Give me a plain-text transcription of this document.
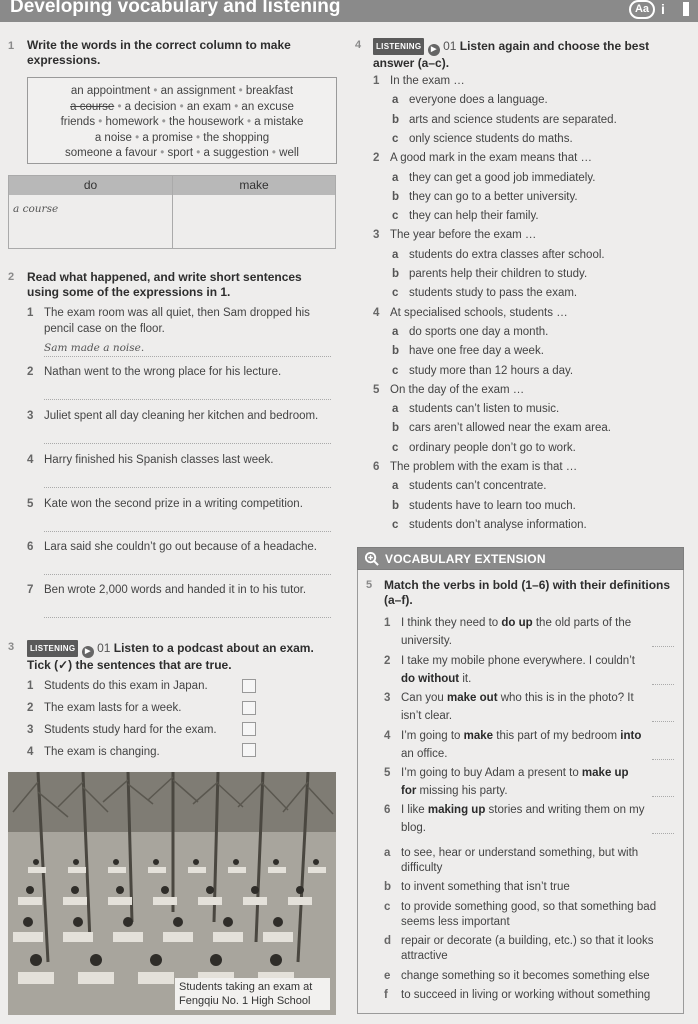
Developing vocabulary and listening	Aa i
1 Write the words in the correct column to make expressions.
an appointment • an assignment • breakfast
a course • a decision • an exam • an excuse
friends • homework • the housework • a mistake
a noise • a promise • the shopping
someone a favour • sport • a suggestion • well
do	make
a course
2 Read what happened, and write short sentences using some of the expressions in 1.
1 The exam room was all quiet, then Sam dropped his pencil case on the floor.
Sam made a noise.
2 Nathan went to the wrong place for his lecture.
3 Juliet spent all day cleaning her kitchen and bedroom.
4 Harry finished his Spanish classes last week.
5 Kate won the second prize in a writing competition.
6 Lara said she couldn’t go out because of a headache.
7 Ben wrote 2,000 words and handed it in to his tutor.
3	LISTENING ▶ 01 Listen to a podcast about an exam.
Tick (✓) the sentences that are true.
1 Students do this exam in Japan.
2 The exam lasts for a week.
3 Students study hard for the exam.
4 The exam is changing.
Students taking an exam at Fengqiu No. 1 High School
4	LISTENING ▶ 01 Listen again and choose the best answer (a–c).
1 In the exam …
a everyone does a language.
b arts and science students are separated.
c only science students do maths.
2 A good mark in the exam means that …
a they can get a good job immediately.
b they can go to a better university.
c they can help their family.
3 The year before the exam …
a students do extra classes after school.
b parents help their children to study.
c students study to pass the exam.
4 At specialised schools, students …
a do sports one day a month.
b have one free day a week.
c study more than 12 hours a day.
5 On the day of the exam …
a students can’t listen to music.
b cars aren’t allowed near the exam area.
c ordinary people don’t go to work.
6 The problem with the exam is that …
a students can’t concentrate.
b students have to learn too much.
c students don’t analyse information.
VOCABULARY EXTENSION
5 Match the verbs in bold (1–6) with their definitions (a–f).
1 I think they need to do up the old parts of the university.
2 I take my mobile phone everywhere. I couldn’t do without it.
3 Can you make out who this is in the photo? It isn’t clear.
4 I’m going to make this part of my bedroom into an office.
5 I’m going to buy Adam a present to make up for missing his party.
6 I like making up stories and writing them on my blog.
a to see, hear or understand something, but with difficulty
b to invent something that isn’t true
c to provide something good, so that something bad seems less important
d repair or decorate (a building, etc.) so that it looks attractive
e change something so it becomes something else
f	to succeed in living or working without something
